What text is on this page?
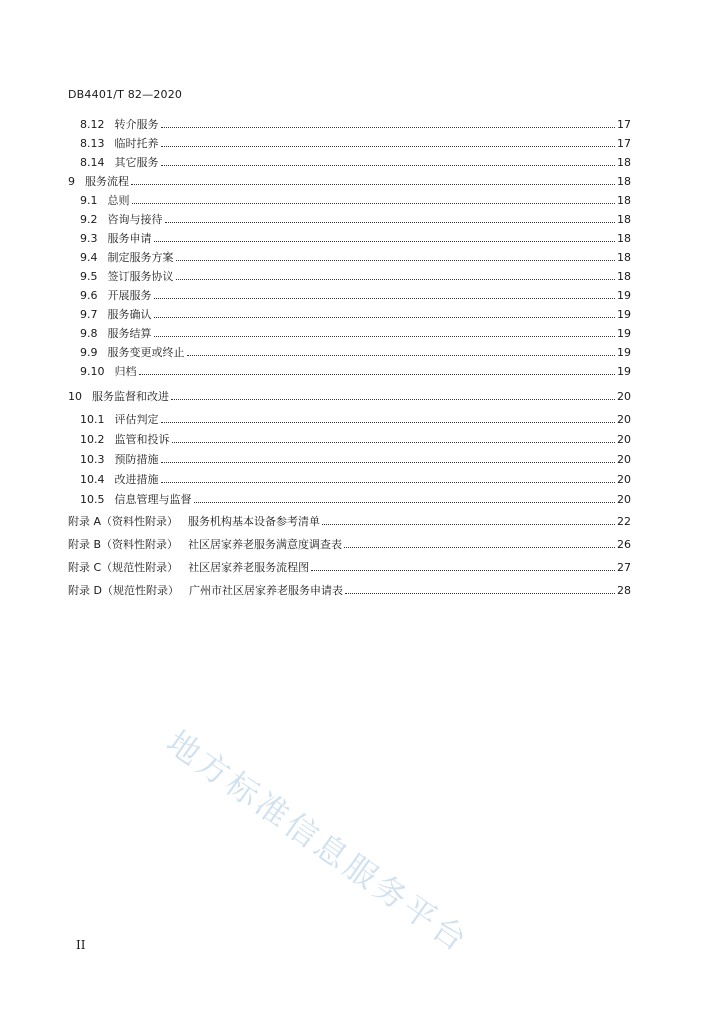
DB4401/T 82—2020
8.12 转介服务	17
8.13 临时托养	17
8.14 其它服务	18
9 服务流程	18
9.1 总则	18
9.2 咨询与接待	18
9.3 服务申请	18
9.4 制定服务方案	18
9.5 签订服务协议	18
9.6 开展服务	19
9.7 服务确认	19
9.8 服务结算	19
9.9 服务变更或终止	19
9.10 归档	19
10 服务监督和改进	20
10.1 评估判定	20
10.2 监管和投诉	20
10.3 预防措施	20
10.4 改进措施	20
10.5 信息管理与监督	20
附录 A（资料性附录） 服务机构基本设备参考清单	22
附录 B（资料性附录） 社区居家养老服务满意度调查表	26
附录 C（规范性附录） 社区居家养老服务流程图	27
附录 D（规范性附录） 广州市社区居家养老服务申请表	28
地方标准信息服务平台
II
